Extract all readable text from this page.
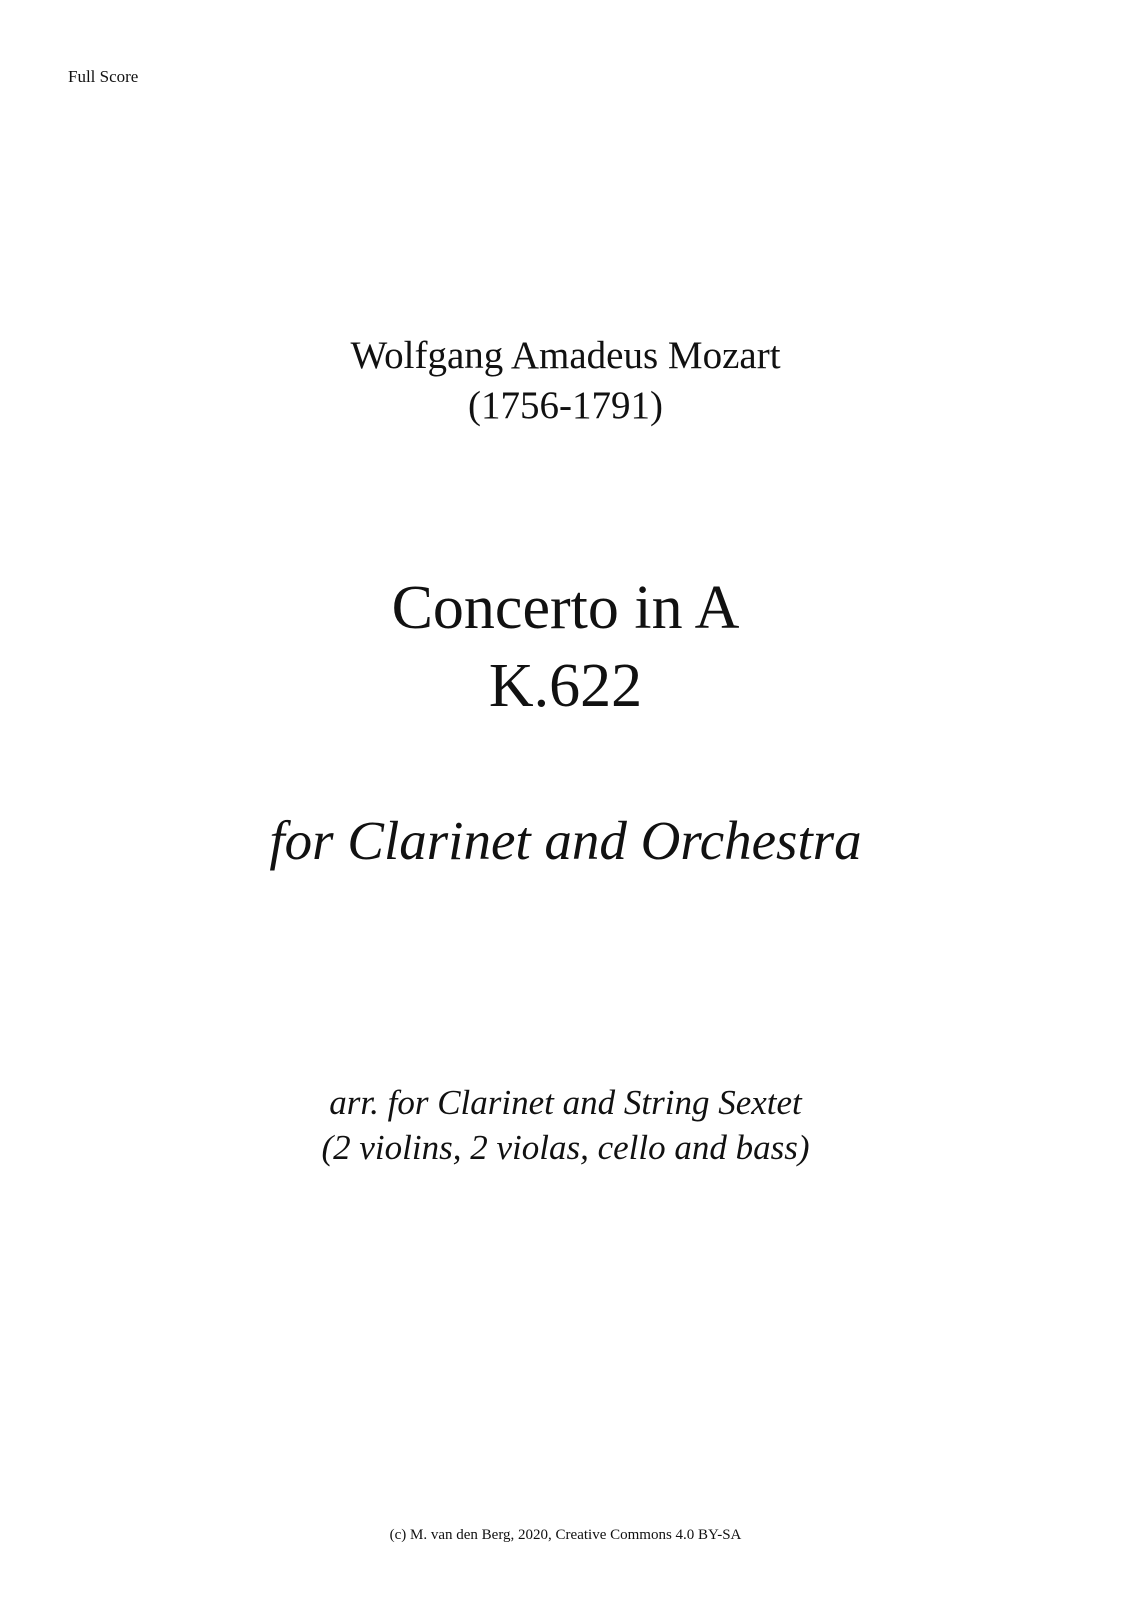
Full Score
Wolfgang Amadeus Mozart
(1756-1791)
Concerto in A
K.622
for Clarinet and Orchestra
arr. for Clarinet and String Sextet
(2 violins, 2 violas, cello and bass)
(c) M. van den Berg, 2020, Creative Commons 4.0 BY-SA
